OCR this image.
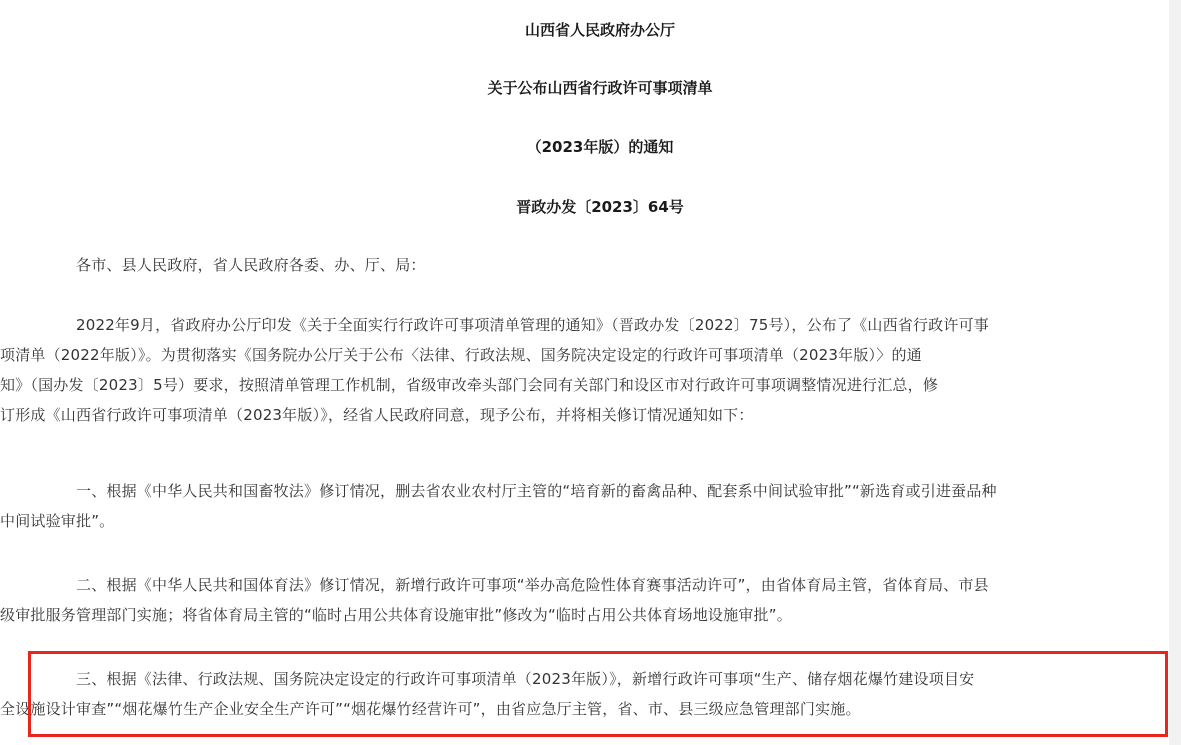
山西省人民政府办公厅
关于公布山西省行政许可事项清单
（2023年版）的通知
晋政办发〔2023〕64号
各市、县人民政府，省人民政府各委、办、厅、局：
2022年9月，省政府办公厅印发《关于全面实行行政许可事项清单管理的通知》（晋政办发〔2022〕75号），公布了《山西省行政许可事
项清单（2022年版）》。为贯彻落实《国务院办公厅关于公布〈法律、行政法规、国务院决定设定的行政许可事项清单（2023年版）〉的通
知》（国办发〔2023〕5号）要求，按照清单管理工作机制，省级审改牵头部门会同有关部门和设区市对行政许可事项调整情况进行汇总，修
订形成《山西省行政许可事项清单（2023年版）》，经省人民政府同意，现予公布，并将相关修订情况通知如下：
一、根据《中华人民共和国畜牧法》修订情况，删去省农业农村厅主管的“培育新的畜禽品种、配套系中间试验审批”“新选育或引进蚕品种
中间试验审批”。
二、根据《中华人民共和国体育法》修订情况，新增行政许可事项“举办高危险性体育赛事活动许可”，由省体育局主管，省体育局、市县
级审批服务管理部门实施；将省体育局主管的“临时占用公共体育设施审批”修改为“临时占用公共体育场地设施审批”。
三、根据《法律、行政法规、国务院决定设定的行政许可事项清单（2023年版）》，新增行政许可事项“生产、储存烟花爆竹建设项目安
全设施设计审查”“烟花爆竹生产企业安全生产许可”“烟花爆竹经营许可”，由省应急厅主管，省、市、县三级应急管理部门实施。
